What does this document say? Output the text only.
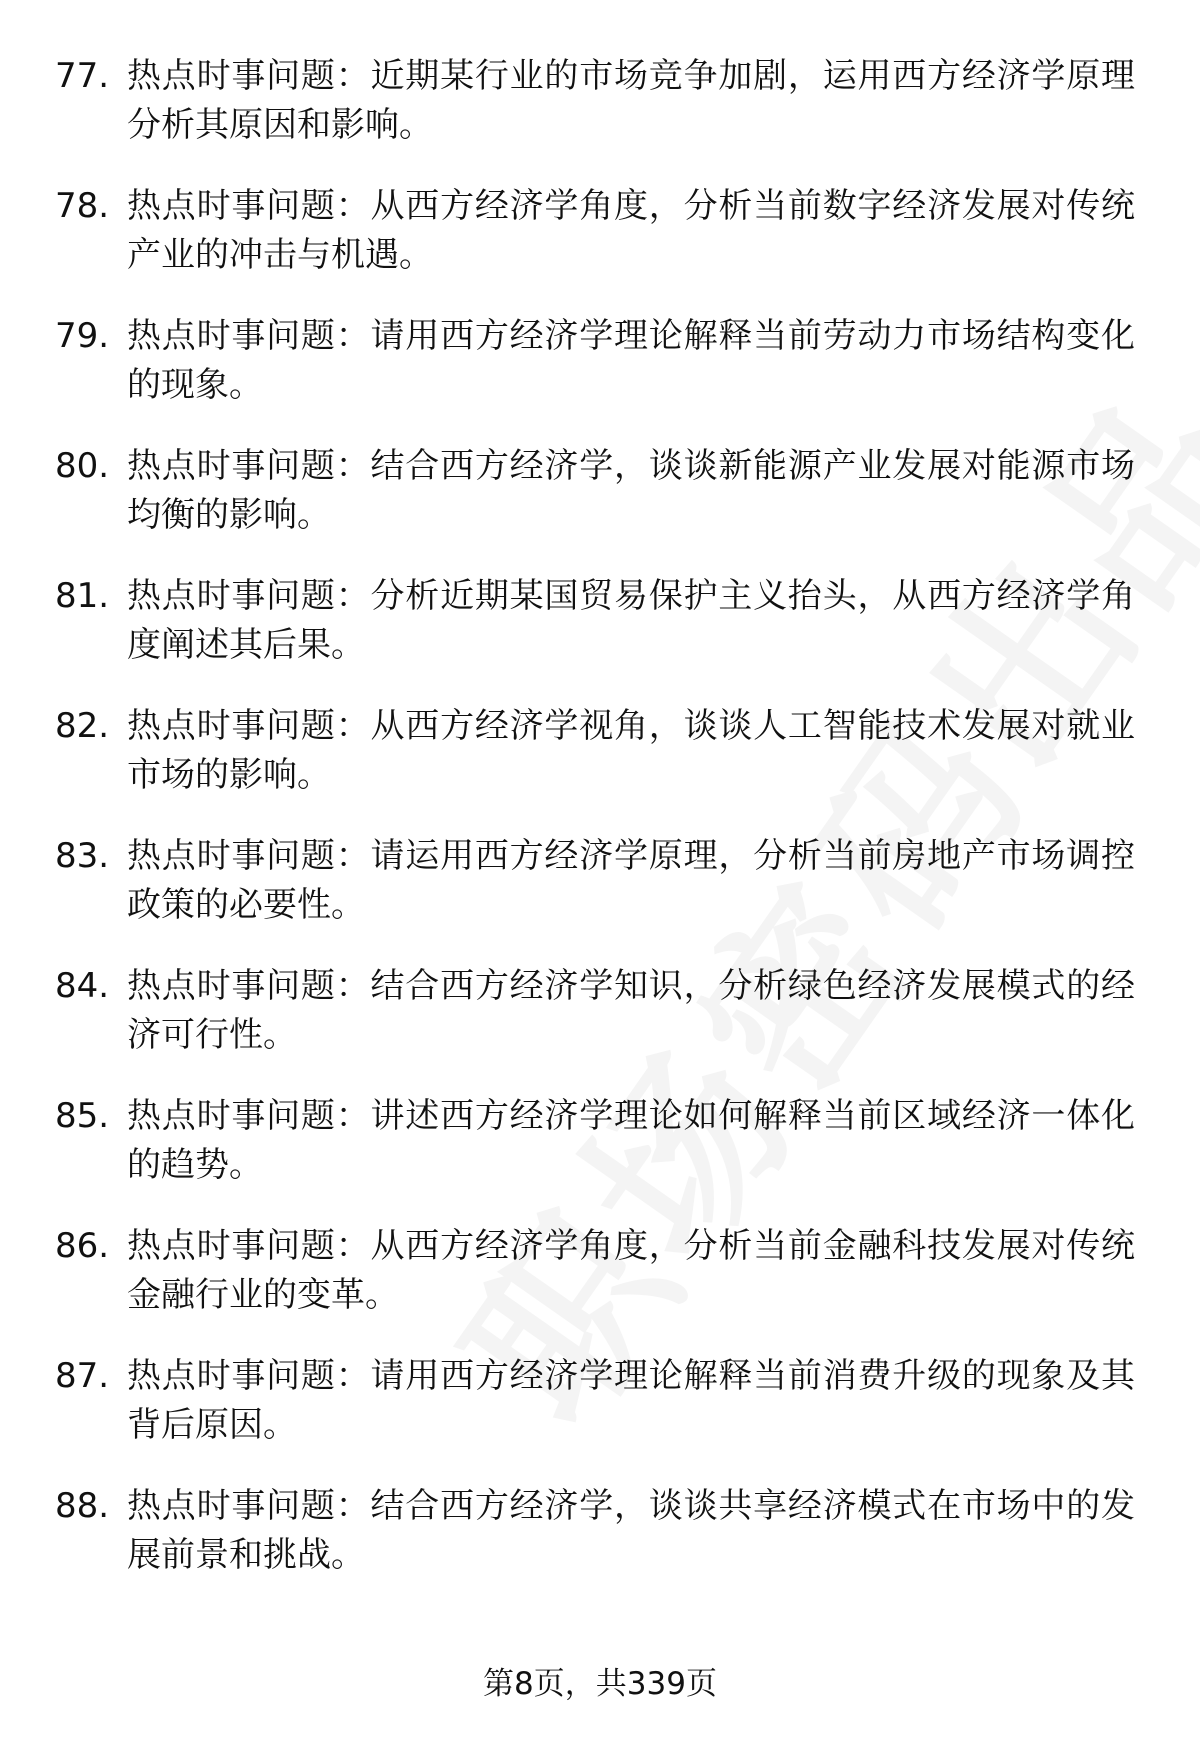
77. 热点时事问题：近期某行业的市场竞争加剧，运用西方经济学原理分析其原因和影响。
78. 热点时事问题：从西方经济学角度，分析当前数字经济发展对传统产业的冲击与机遇。
79. 热点时事问题：请用西方经济学理论解释当前劳动力市场结构变化的现象。
80. 热点时事问题：结合西方经济学，谈谈新能源产业发展对能源市场均衡的影响。
81. 热点时事问题：分析近期某国贸易保护主义抬头，从西方经济学角度阐述其后果。
82. 热点时事问题：从西方经济学视角，谈谈人工智能技术发展对就业市场的影响。
83. 热点时事问题：请运用西方经济学原理，分析当前房地产市场调控政策的必要性。
84. 热点时事问题：结合西方经济学知识，分析绿色经济发展模式的经济可行性。
85. 热点时事问题：讲述西方经济学理论如何解释当前区域经济一体化的趋势。
86. 热点时事问题：从西方经济学角度，分析当前金融科技发展对传统金融行业的变革。
87. 热点时事问题：请用西方经济学理论解释当前消费升级的现象及其背后原因。
88. 热点时事问题：结合西方经济学，谈谈共享经济模式在市场中的发展前景和挑战。
第8页，共339页
